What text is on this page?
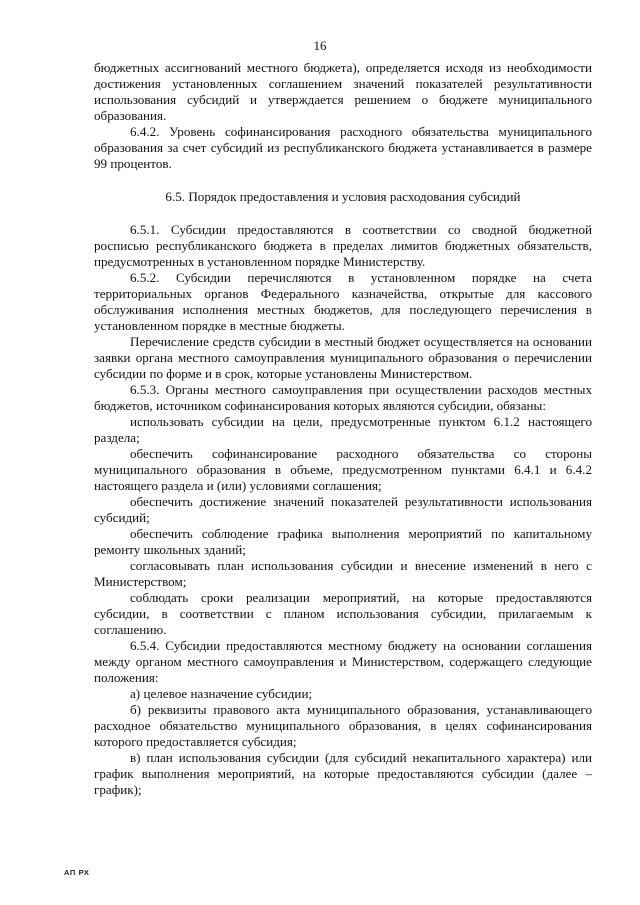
16

бюджетных ассигнований местного бюджета), определяется исходя из необходимости достижения установленных соглашением значений показателей результативности использования субсидий и утверждается решением о бюджете муниципального образования.

6.4.2. Уровень софинансирования расходного обязательства муниципального образования за счет субсидий из республиканского бюджета устанавливается в размере 99 процентов.

6.5. Порядок предоставления и условия расходования субсидий

6.5.1. Субсидии предоставляются в соответствии со сводной бюджетной росписью республиканского бюджета в пределах лимитов бюджетных обязательств, предусмотренных в установленном порядке Министерству.

6.5.2. Субсидии перечисляются в установленном порядке на счета территориальных органов Федерального казначейства, открытые для кассового обслуживания исполнения местных бюджетов, для последующего перечисления в установленном порядке в местные бюджеты.

Перечисление средств субсидии в местный бюджет осуществляется на основании заявки органа местного самоуправления муниципального образования о перечислении субсидии по форме и в срок, которые установлены Министерством.

6.5.3. Органы местного самоуправления при осуществлении расходов местных бюджетов, источником софинансирования которых являются субсидии, обязаны:

использовать субсидии на цели, предусмотренные пунктом 6.1.2 настоящего раздела;

обеспечить софинансирование расходного обязательства со стороны муниципального образования в объеме, предусмотренном пунктами 6.4.1 и 6.4.2 настоящего раздела и (или) условиями соглашения;

обеспечить достижение значений показателей результативности использования субсидий;

обеспечить соблюдение графика выполнения мероприятий по капитальному ремонту школьных зданий;

согласовывать план использования субсидии и внесение изменений в него с Министерством;

соблюдать сроки реализации мероприятий, на которые предоставляются субсидии, в соответствии с планом использования субсидии, прилагаемым к соглашению.

6.5.4. Субсидии предоставляются местному бюджету на основании соглашения между органом местного самоуправления и Министерством, содержащего следующие положения:

а) целевое назначение субсидии;

б) реквизиты правового акта муниципального образования, устанавливающего расходное обязательство муниципального образования, в целях софинансирования которого предоставляется субсидия;

в) план использования субсидии (для субсидий некапитального характера) или график выполнения мероприятий, на которые предоставляются субсидии (далее – график);

АП РХ
